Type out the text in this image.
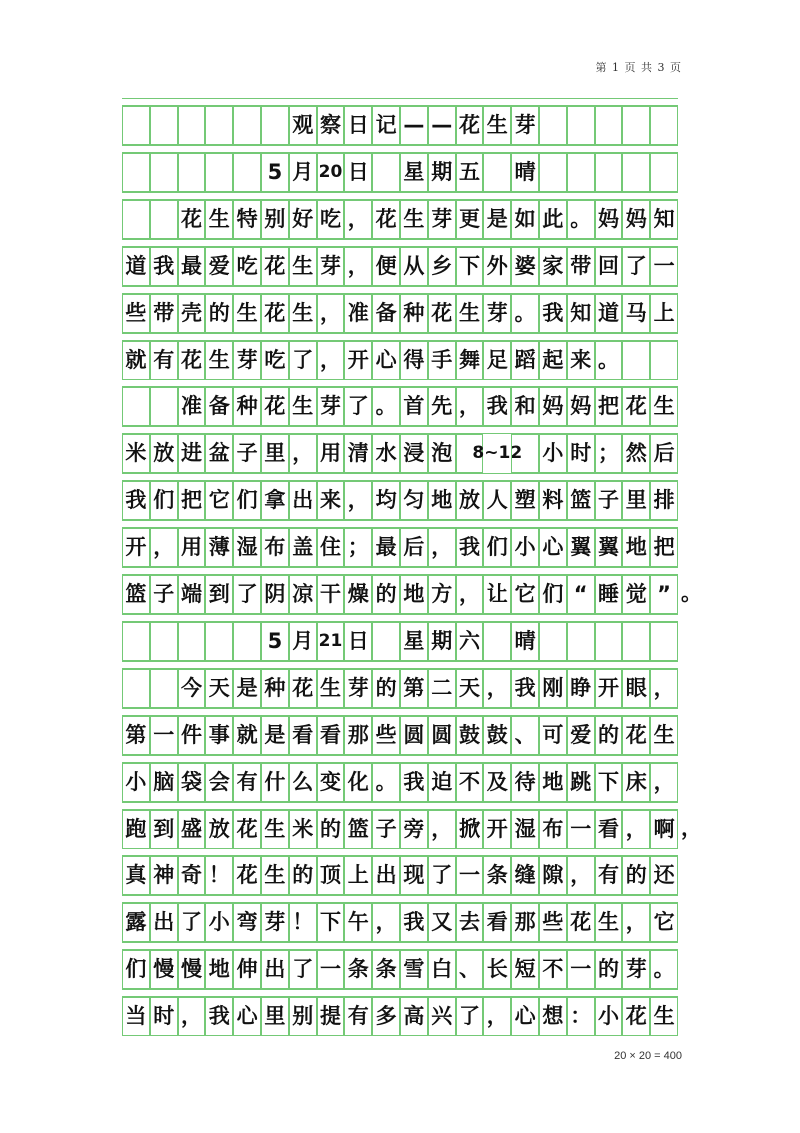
第 1 页 共 3 页
观 察 日 记 — — 花 生 芽
5 月 20 日 星 期 五 晴
花 生 特 别 好 吃 ， 花 生 芽 更 是 如 此 。 妈 妈 知
道 我 最 爱 吃 花 生 芽 ， 便 从 乡 下 外 婆 家 带 回 了 一
些 带 壳 的 生 花 生 ， 准 备 种 花 生 芽 。 我 知 道 马 上
就 有 花 生 芽 吃 了 ， 开 心 得 手 舞 足 蹈 起 来 。
准 备 种 花 生 芽 了 。 首 先 ， 我 和 妈 妈 把 花 生
米 放 进 盆 子 里 ， 用 清 水 浸 泡	8~12 小 时 ； 然 后
我 们 把 它 们 拿 出 来 ， 均 匀 地 放 人 塑 料 篮 子 里 排
开 ， 用 薄 湿 布 盖 住 ； 最 后 ， 我 们 小 心 翼 翼 地 把
篮 子 端 到 了 阴 凉 干 燥 的 地 方 ， 让 它 们 “ 睡 觉 ” 。
5 月 21 日 星 期 六 晴
今 天 是 种 花 生 芽 的 第 二 天 ， 我 刚 睁 开 眼 ，
第 一 件 事 就 是 看 看 那 些 圆 圆 鼓 鼓 、 可 爱 的 花 生
小 脑 袋 会 有 什 么 变 化 。 我 迫 不 及 待 地 跳 下 床 ，
跑 到 盛 放 花 生 米 的 篮 子 旁 ， 掀 开 湿 布 一 看 ， 啊 ，
真 神 奇 ！ 花 生 的 顶 上 出 现 了 一 条 缝 隙 ， 有 的 还
露 出 了 小 弯 芽 ！ 下 午 ， 我 又 去 看 那 些 花 生 ， 它
们 慢 慢 地 伸 出 了 一 条 条 雪 白 、 长 短 不 一 的 芽 。
当 时 ， 我 心 里 别 提 有 多 高 兴 了 ， 心 想 ： 小 花 生
20 × 20 = 400
